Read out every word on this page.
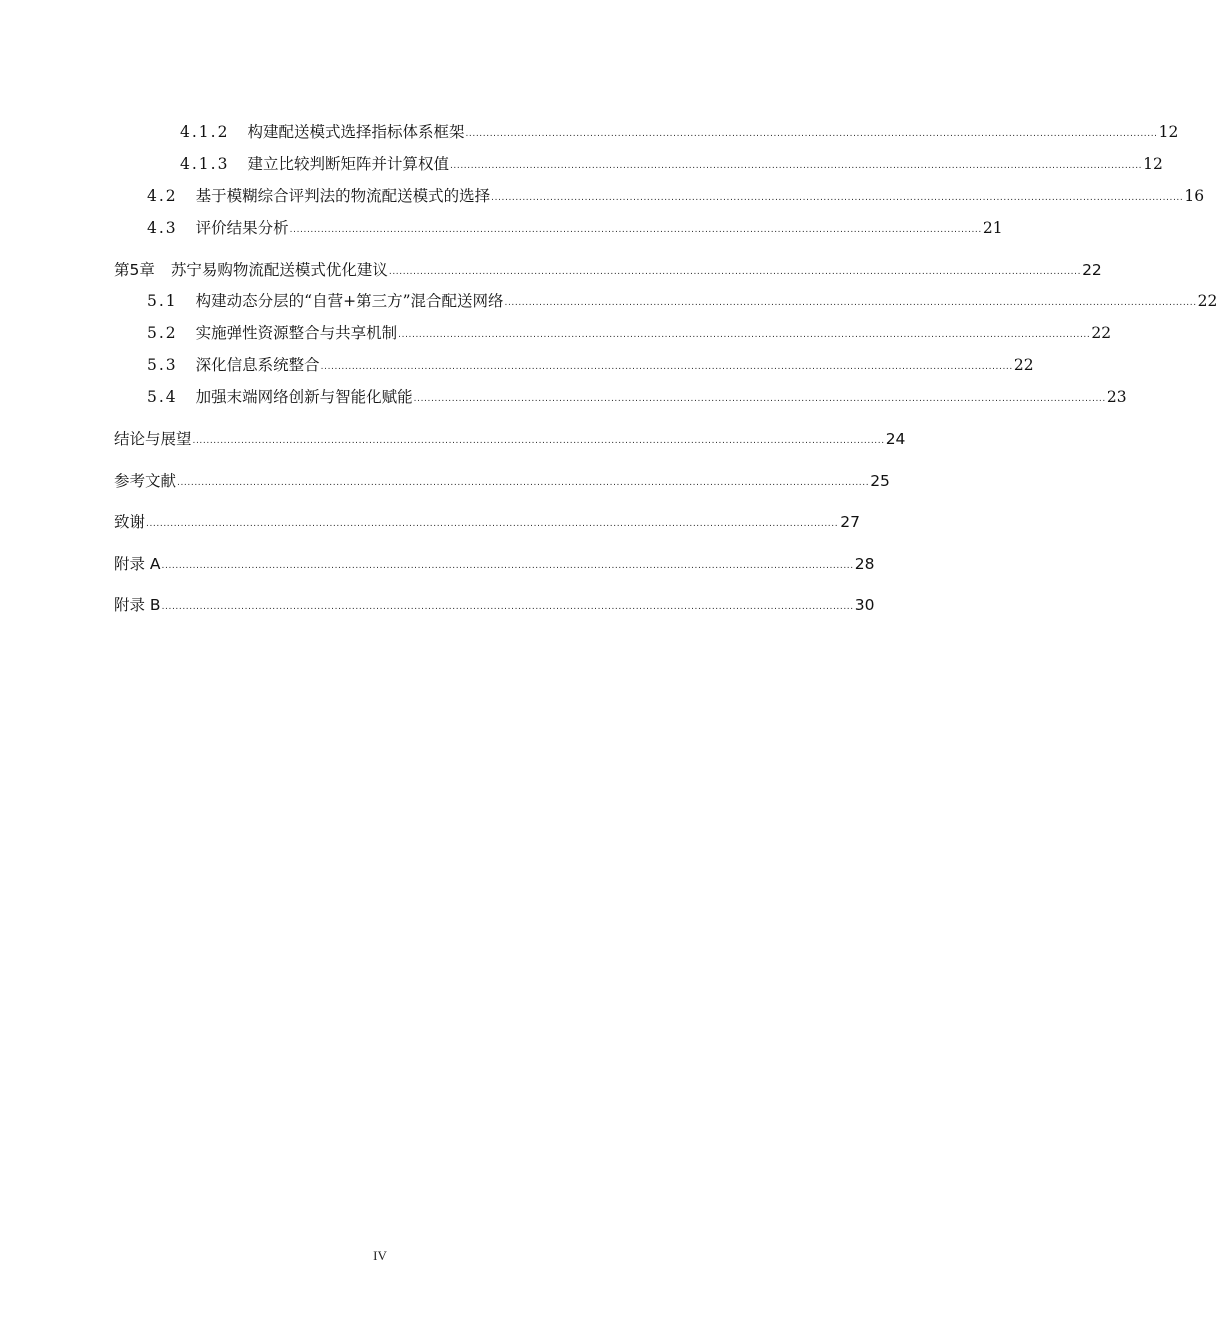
4.1.2 构建配送模式选择指标体系框架 ........................................................................................................................................................................................................ 12
4.1.3 建立比较判断矩阵并计算权值 ........................................................................................................................................................................................................ 12
4.2 基于模糊综合评判法的物流配送模式的选择 ........................................................................................................................................................................................................ 16
4.3 评价结果分析 ........................................................................................................................................................................................................ 21
第5章 苏宁易购物流配送模式优化建议 ........................................................................................................................................................................................................ 22
5.1 构建动态分层的“自营+第三方”混合配送网络 ........................................................................................................................................................................................................ 22
5.2 实施弹性资源整合与共享机制 ........................................................................................................................................................................................................ 22
5.3 深化信息系统整合 ........................................................................................................................................................................................................ 22
5.4 加强末端网络创新与智能化赋能 ........................................................................................................................................................................................................ 23
结论与展望 ........................................................................................................................................................................................................ 24
参考文献 ........................................................................................................................................................................................................ 25
致谢 ........................................................................................................................................................................................................ 27
附录 A ........................................................................................................................................................................................................ 28
附录 B ........................................................................................................................................................................................................ 30
IV
